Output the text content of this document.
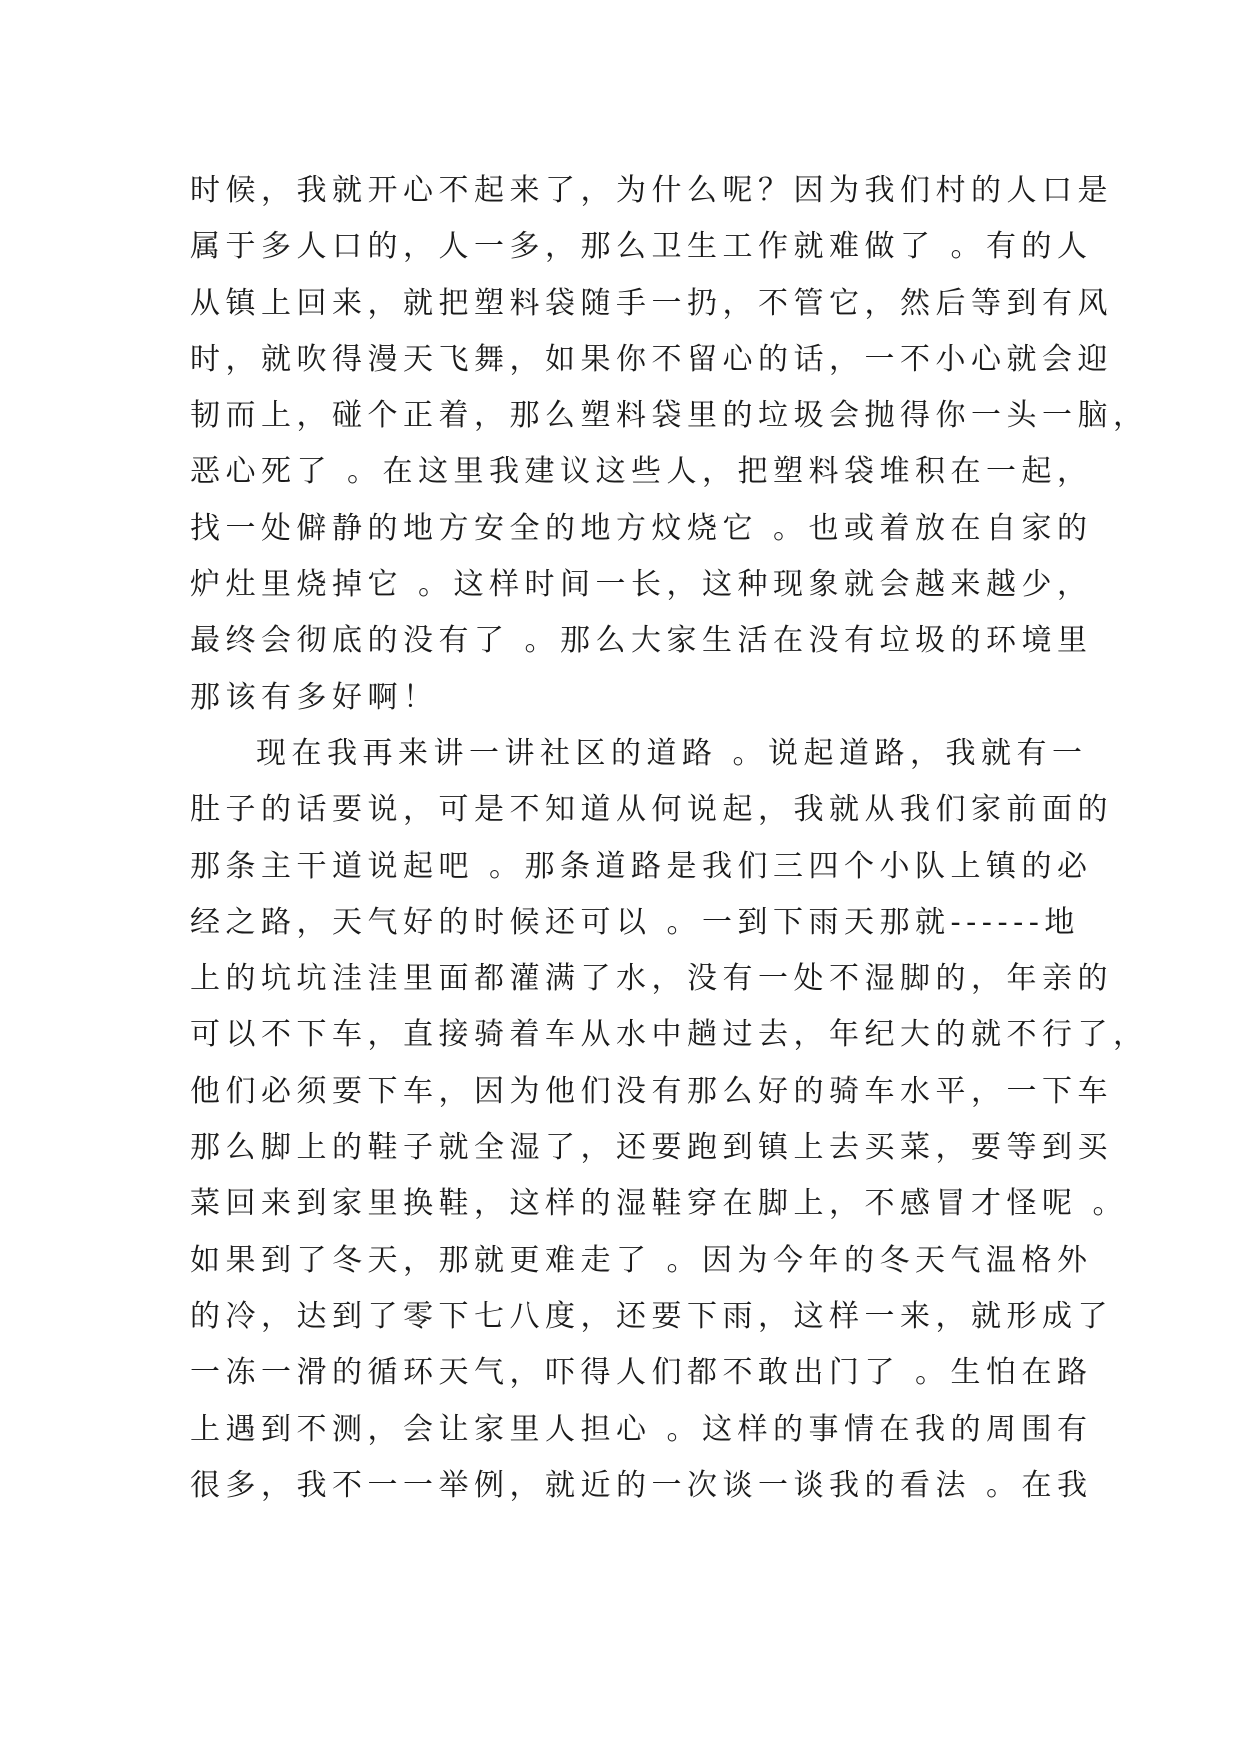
时候，我就开心不起来了，为什么呢？因为我们村的人口是
属于多人口的，人一多，那么卫生工作就难做了 。有的人
从镇上回来，就把塑料袋随手一扔，不管它，然后等到有风
时，就吹得漫天飞舞，如果你不留心的话，一不小心就会迎
韧而上，碰个正着，那么塑料袋里的垃圾会抛得你一头一脑，
恶心死了 。在这里我建议这些人，把塑料袋堆积在一起，
找一处僻静的地方安全的地方炆烧它 。也或着放在自家的
炉灶里烧掉它 。这样时间一长，这种现象就会越来越少，
最终会彻底的没有了 。那么大家生活在没有垃圾的环境里
那该有多好啊！
现在我再来讲一讲社区的道路 。说起道路，我就有一
肚子的话要说，可是不知道从何说起，我就从我们家前面的
那条主干道说起吧 。那条道路是我们三四个小队上镇的必
经之路，天气好的时候还可以 。一到下雨天那就------地
上的坑坑洼洼里面都灌满了水，没有一处不湿脚的，年亲的
可以不下车，直接骑着车从水中趟过去，年纪大的就不行了，
他们必须要下车，因为他们没有那么好的骑车水平，一下车
那么脚上的鞋子就全湿了，还要跑到镇上去买菜，要等到买
菜回来到家里换鞋，这样的湿鞋穿在脚上，不感冒才怪呢 。
如果到了冬天，那就更难走了 。因为今年的冬天气温格外
的冷，达到了零下七八度，还要下雨，这样一来，就形成了
一冻一滑的循环天气，吓得人们都不敢出门了 。生怕在路
上遇到不测，会让家里人担心 。这样的事情在我的周围有
很多，我不一一举例，就近的一次谈一谈我的看法 。在我
